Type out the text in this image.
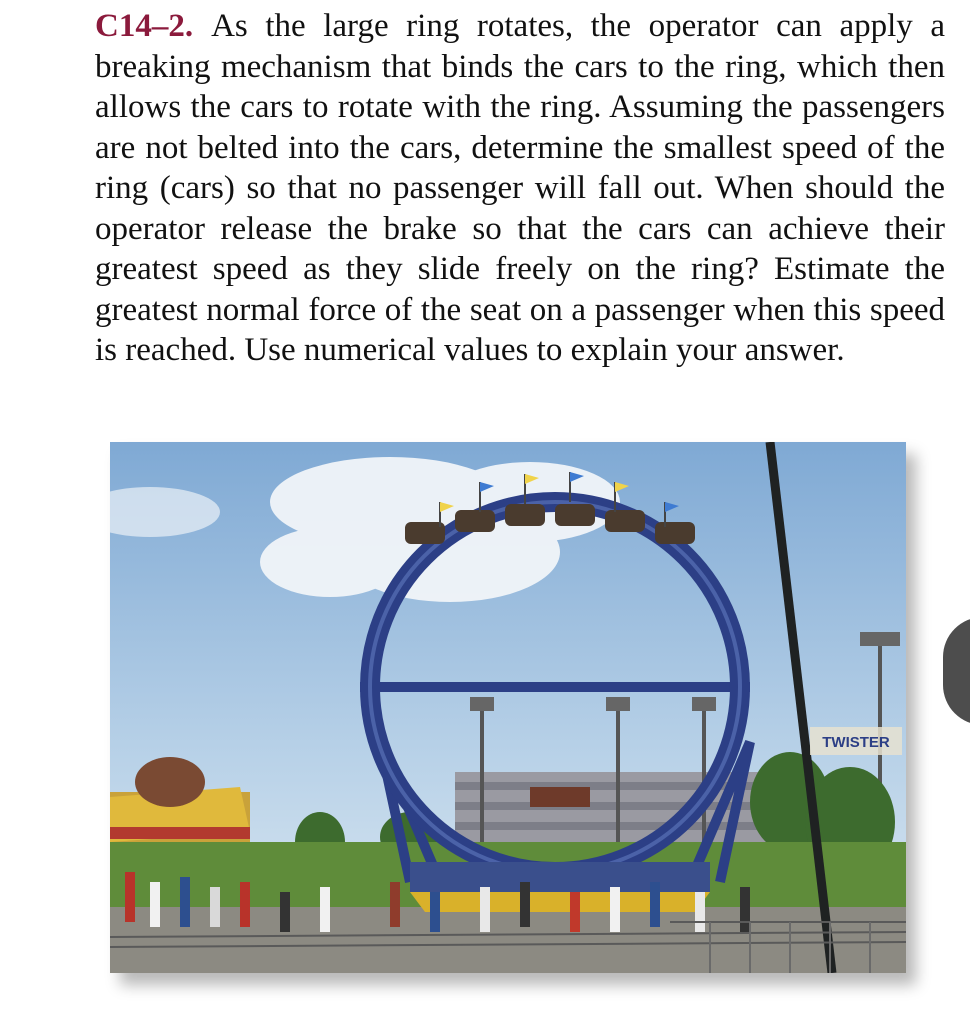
C14–2. As the large ring rotates, the operator can apply a breaking mechanism that binds the cars to the ring, which then allows the cars to rotate with the ring. Assuming the passengers are not belted into the cars, determine the smallest speed of the ring (cars) so that no passenger will fall out. When should the operator release the brake so that the cars can achieve their greatest speed as they slide freely on the ring? Estimate the greatest normal force of the seat on a passenger when this speed is reached. Use numerical values to explain your answer.

TWISTER
